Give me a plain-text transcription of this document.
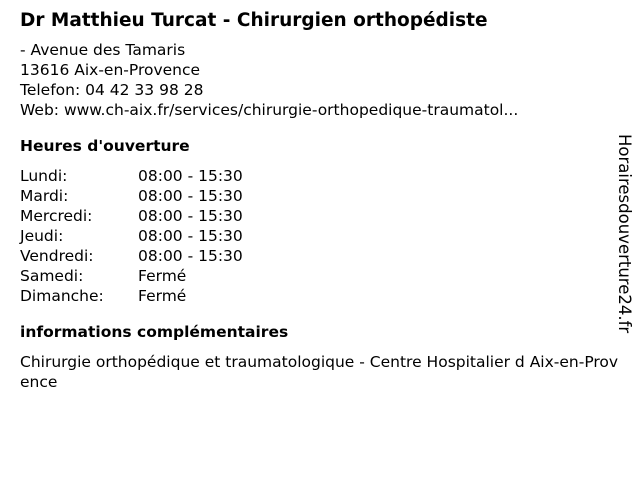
Dr Matthieu Turcat - Chirurgien orthopédiste
- Avenue des Tamaris
13616 Aix-en-Provence
Telefon: 04 42 33 98 28
Web: www.ch-aix.fr/services/chirurgie-orthopedique-traumatol...
Heures d'ouverture
Lundi:	08:00 - 15:30
Mardi:	08:00 - 15:30
Mercredi:	08:00 - 15:30
Jeudi:	08:00 - 15:30
Vendredi:	08:00 - 15:30
Samedi:	Fermé
Dimanche:	Fermé
informations complémentaires
Chirurgie orthopédique et traumatologique - Centre Hospitalier d Aix-en-Provence
Horairesdouverture24.fr
